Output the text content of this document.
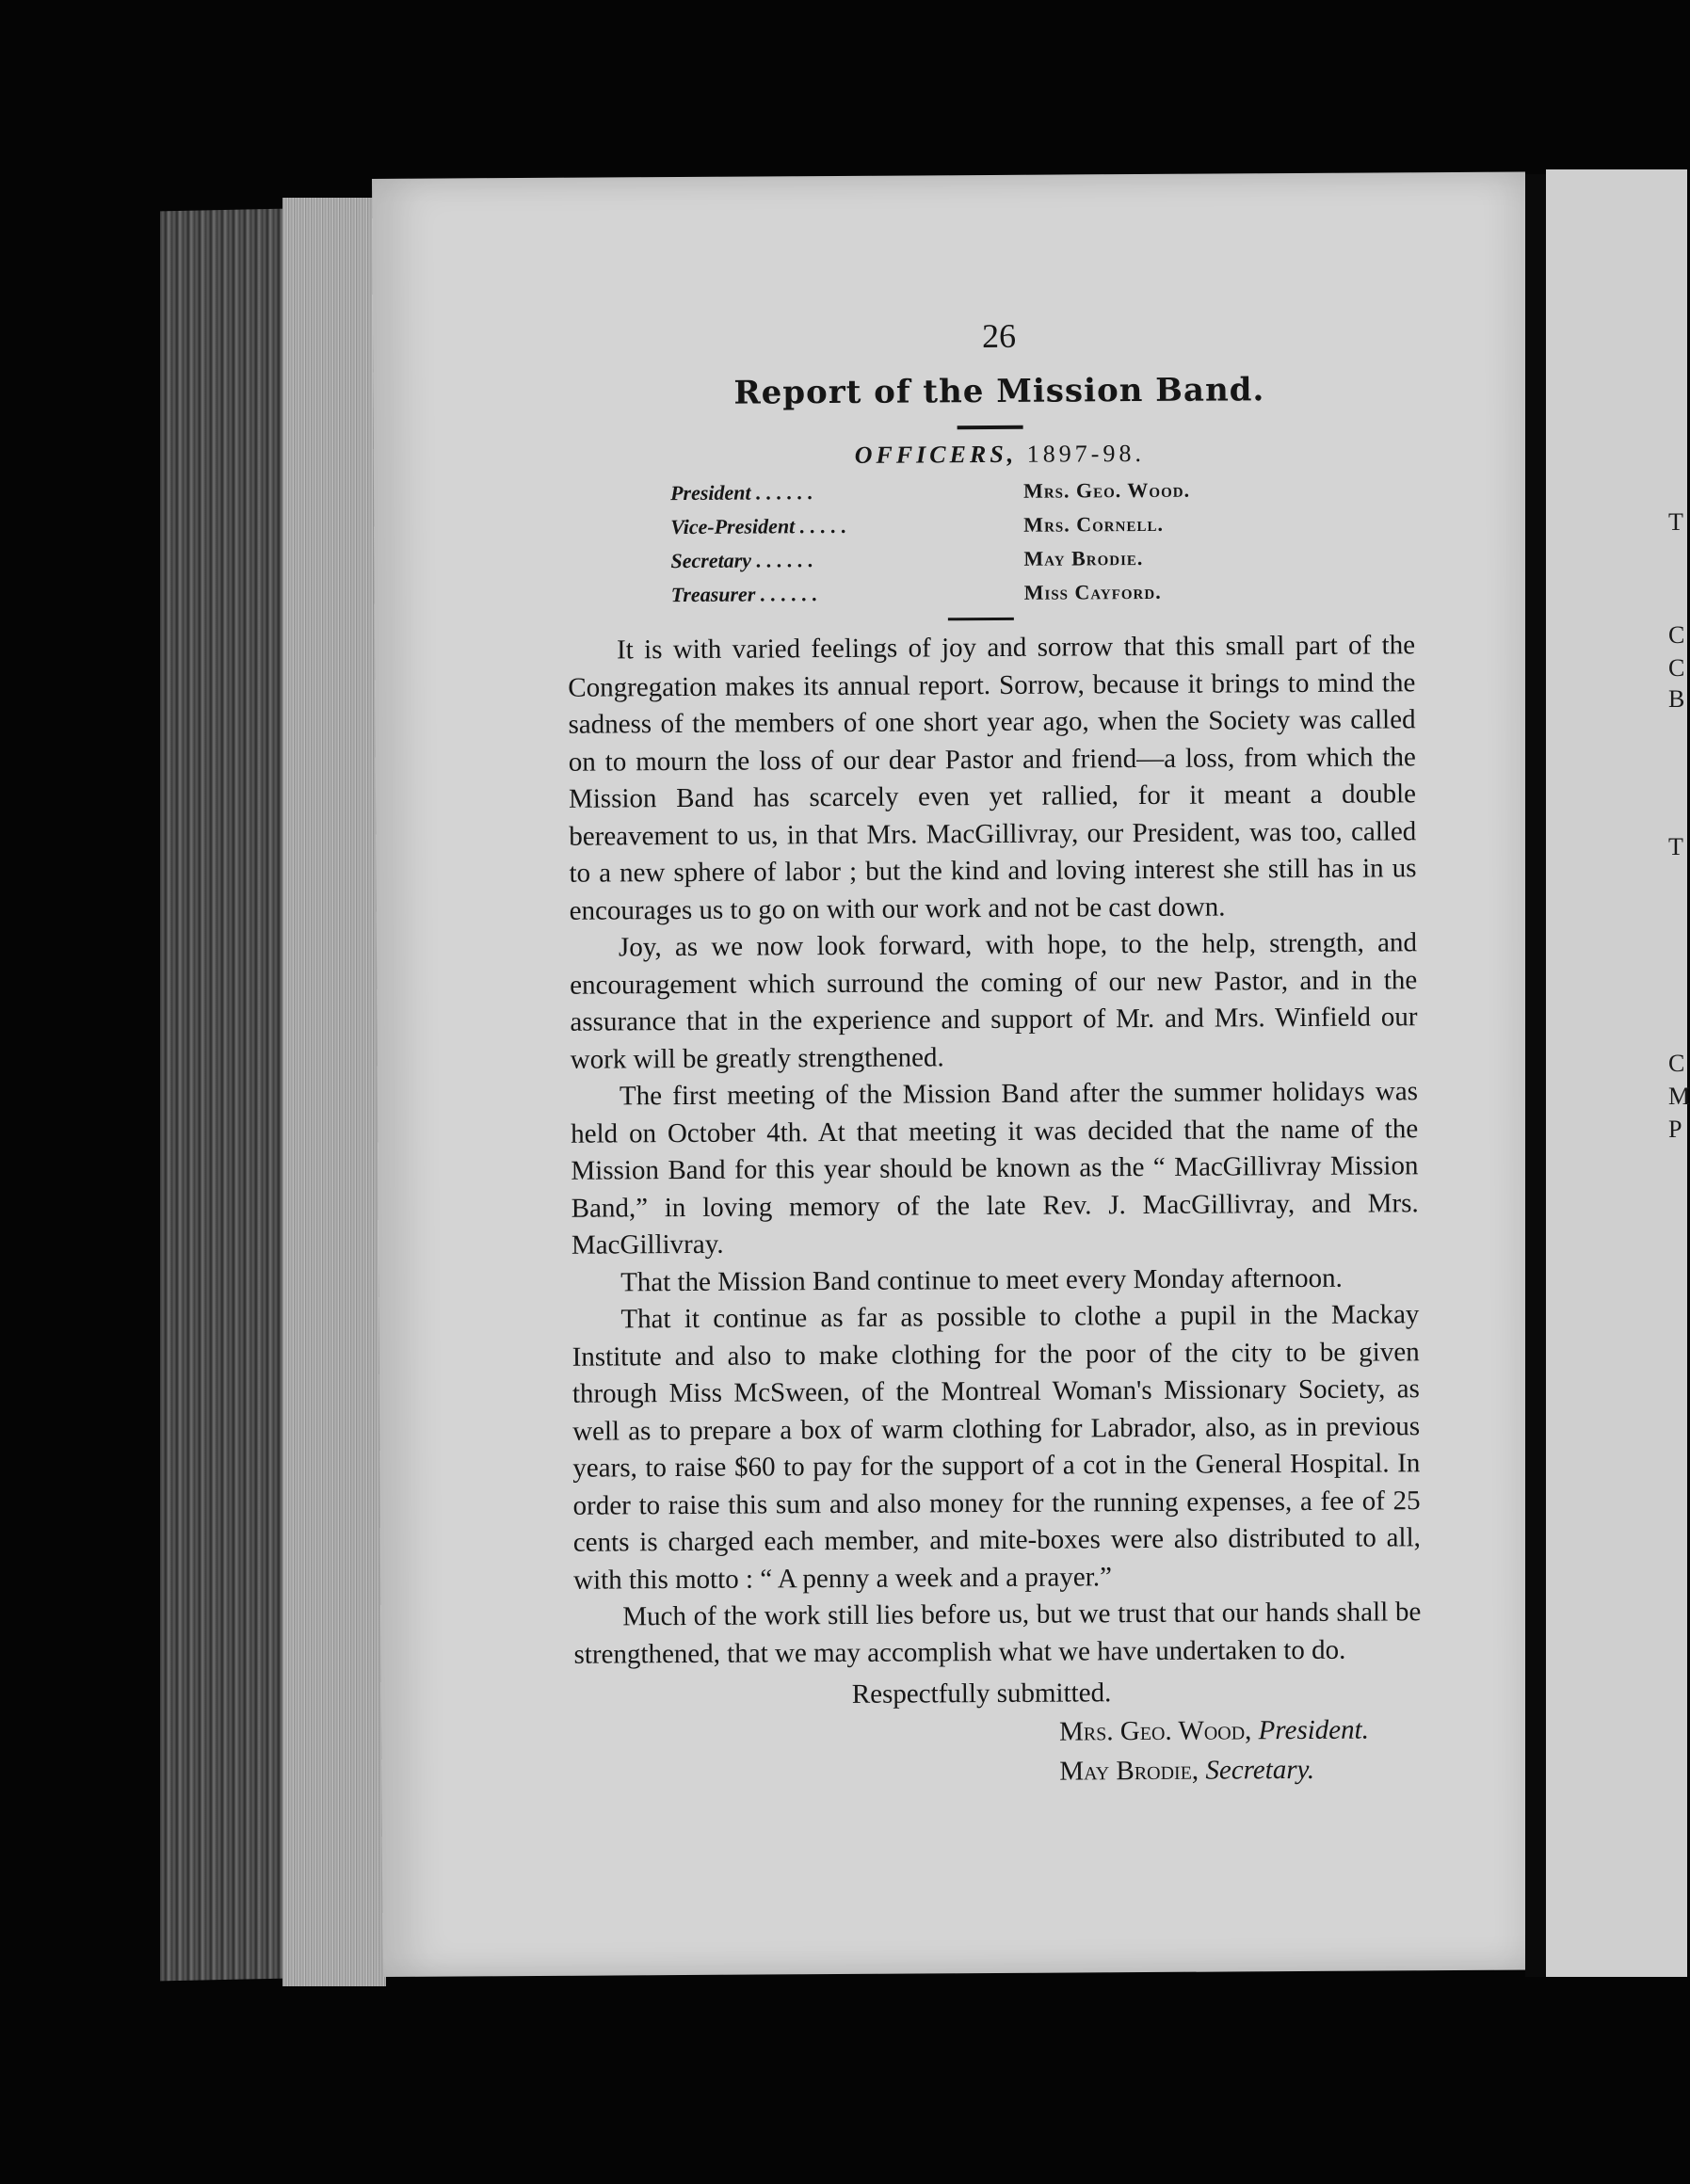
26
Report of the Mission Band.
OFFICERS, 1897-98.
President . . . . . .	Mrs. Geo. Wood.
Vice-President . . . . .	Mrs. Cornell.
Secretary . . . . . .	May Brodie.
Treasurer . . . . . .	Miss Cayford.

It is with varied feelings of joy and sorrow that this small part of the Congregation makes its annual report. Sorrow, because it brings to mind the sadness of the members of one short year ago, when the Society was called on to mourn the loss of our dear Pastor and friend—a loss, from which the Mission Band has scarcely even yet rallied, for it meant a double bereavement to us, in that Mrs. MacGillivray, our President, was too, called to a new sphere of labor ; but the kind and loving interest she still has in us encourages us to go on with our work and not be cast down.

Joy, as we now look forward, with hope, to the help, strength, and encouragement which surround the coming of our new Pastor, and in the assurance that in the experience and support of Mr. and Mrs. Winfield our work will be greatly strengthened.

The first meeting of the Mission Band after the summer holidays was held on October 4th. At that meeting it was decided that the name of the Mission Band for this year should be known as the “ MacGillivray Mission Band,” in loving memory of the late Rev. J. MacGillivray, and Mrs. MacGillivray.

That the Mission Band continue to meet every Monday afternoon.

That it continue as far as possible to clothe a pupil in the Mackay Institute and also to make clothing for the poor of the city to be given through Miss McSween, of the Montreal Woman's Missionary Society, as well as to prepare a box of warm clothing for Labrador, also, as in previous years, to raise $60 to pay for the support of a cot in the General Hospital. In order to raise this sum and also money for the running expenses, a fee of 25 cents is charged each member, and mite-boxes were also distributed to all, with this motto : “ A penny a week and a prayer.”

Much of the work still lies before us, but we trust that our hands shall be strengthened, that we may accomplish what we have undertaken to do.

Respectfully submitted.
Mrs. Geo. Wood, President.
May Brodie, Secretary.
T
C
C
B
T
C
M
P
